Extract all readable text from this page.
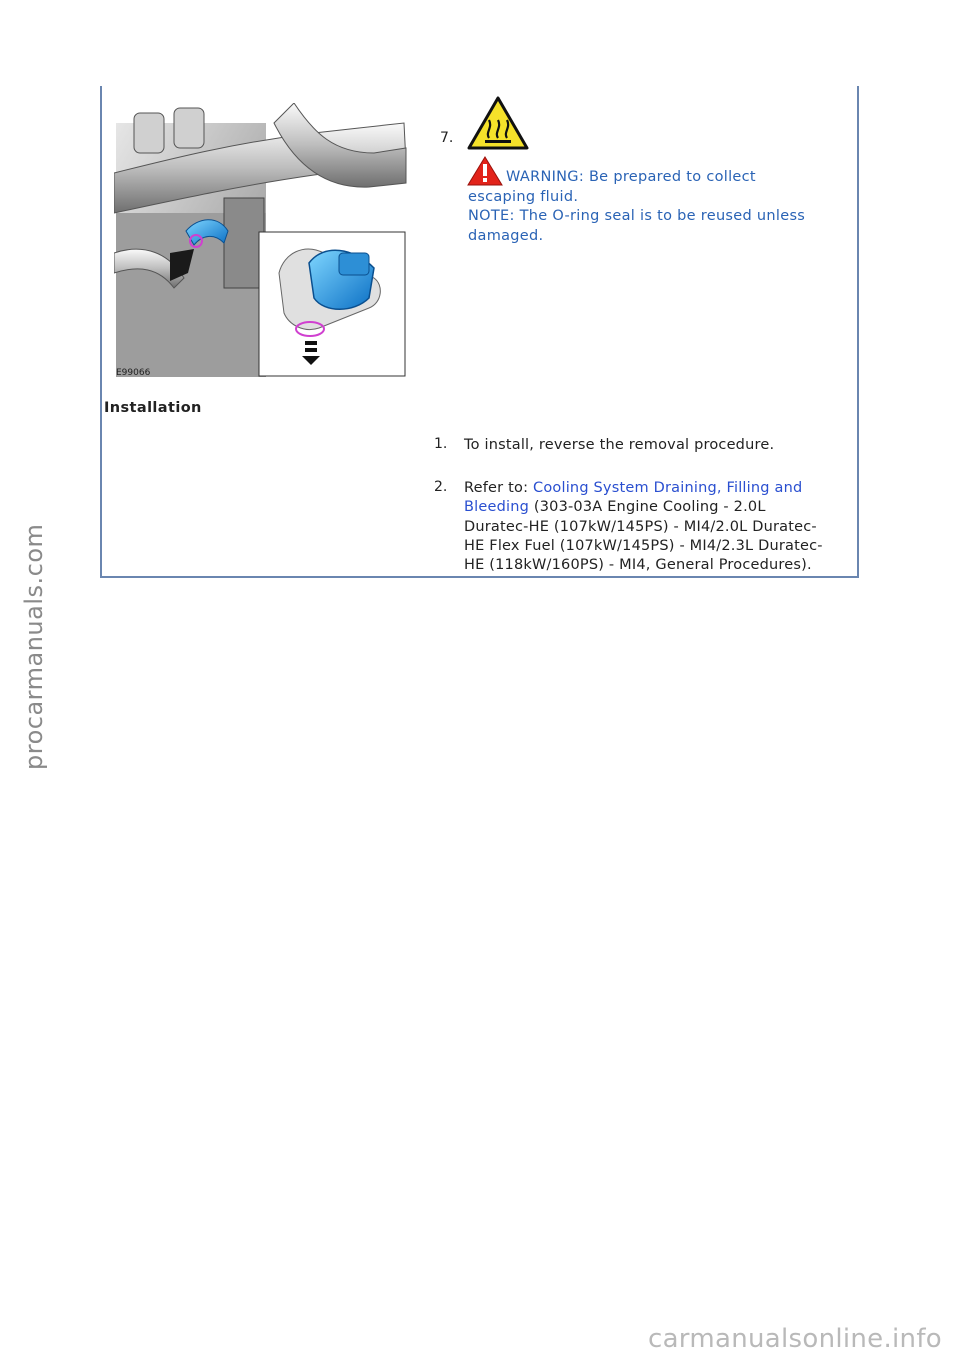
E99066
7.
WARNING: Be prepared to collect
escaping fluid.
NOTE: The O-ring seal is to be reused unless
damaged.
Installation
1. To install, reverse the removal procedure.
2. Refer to: Cooling System Draining, Filling and
Bleeding (303-03A Engine Cooling - 2.0L
Duratec-HE (107kW/145PS) - MI4/2.0L Duratec-
HE Flex Fuel (107kW/145PS) - MI4/2.3L Duratec-
HE (118kW/160PS) - MI4, General Procedures).
procarmanuals.com
carmanualsonline.info
